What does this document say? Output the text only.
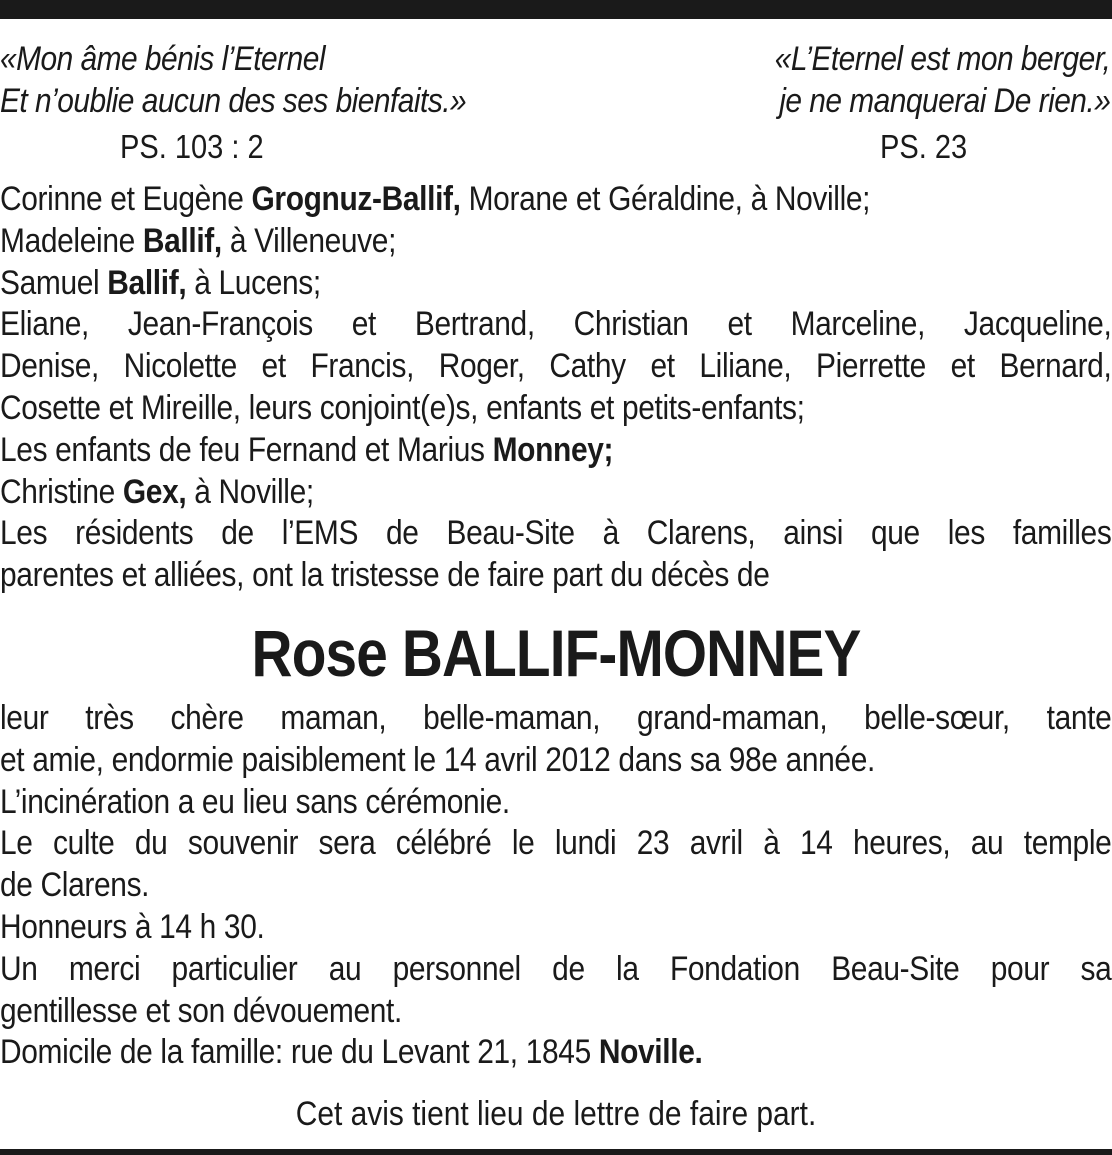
«Mon âme bénis l’Eternel
Et n’oublie aucun des ses bienfaits.»
PS. 103 : 2
«L’Eternel est mon berger,
je ne manquerai De rien.»
PS. 23
Corinne et Eugène Grognuz-Ballif, Morane et Géraldine, à Noville;
Madeleine Ballif, à Villeneuve;
Samuel Ballif, à Lucens;
Eliane, Jean-François et Bertrand, Christian et Marceline, Jacqueline,
Denise, Nicolette et Francis, Roger, Cathy et Liliane, Pierrette et Bernard,
Cosette et Mireille, leurs conjoint(e)s, enfants et petits-enfants;
Les enfants de feu Fernand et Marius Monney;
Christine Gex, à Noville;
Les résidents de l’EMS de Beau-Site à Clarens, ainsi que les familles
parentes et alliées, ont la tristesse de faire part du décès de
Rose BALLIF-MONNEY
leur très chère maman, belle-maman, grand-maman, belle-sœur, tante
et amie, endormie paisiblement le 14 avril 2012 dans sa 98e année.
L’incinération a eu lieu sans cérémonie.
Le culte du souvenir sera célébré le lundi 23 avril à 14 heures, au temple
de Clarens.
Honneurs à 14 h 30.
Un merci particulier au personnel de la Fondation Beau-Site pour sa
gentillesse et son dévouement.
Domicile de la famille: rue du Levant 21, 1845 Noville.
Cet avis tient lieu de lettre de faire part.
